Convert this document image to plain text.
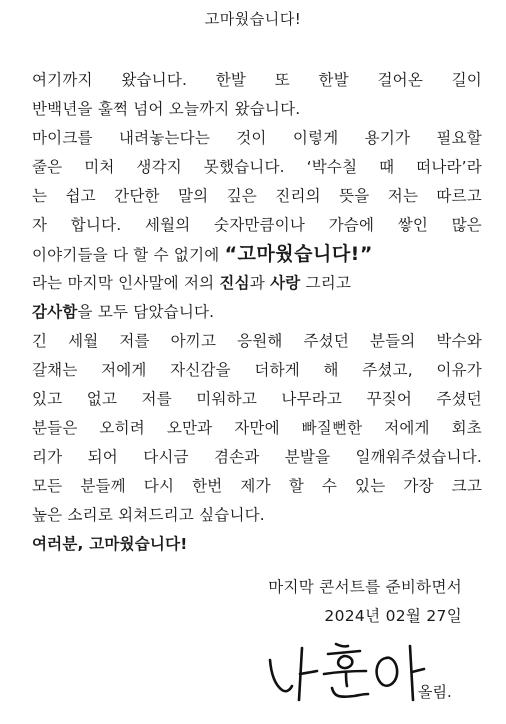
고마웠습니다!
여기까지 왔습니다. 한발 또 한발 걸어온 길이
반백년을 훌쩍 넘어 오늘까지 왔습니다.
마이크를 내려놓는다는 것이 이렇게 용기가 필요할
줄은 미처 생각지 못했습니다. ‘박수칠 때 떠나라’라
는 쉽고 간단한 말의 깊은 진리의 뜻을 저는 따르고
자 합니다. 세월의 숫자만큼이나 가슴에 쌓인 많은
이야기들을 다 할 수 없기에 “고마웠습니다!”
라는 마지막 인사말에 저의 진심과 사랑 그리고
감사함을 모두 담았습니다.
긴 세월 저를 아끼고 응원해 주셨던 분들의 박수와
갈채는 저에게 자신감을 더하게 해 주셨고, 이유가
있고 없고 저를 미워하고 나무라고 꾸짖어 주셨던
분들은 오히려 오만과 자만에 빠질뻔한 저에게 회초
리가 되어 다시금 겸손과 분발을 일깨워주셨습니다.
모든 분들께 다시 한번 제가 할 수 있는 가장 크고
높은 소리로 외쳐드리고 싶습니다.
여러분, 고마웠습니다!
마지막 콘서트를 준비하면서
2024년 02월 27일
올림.
